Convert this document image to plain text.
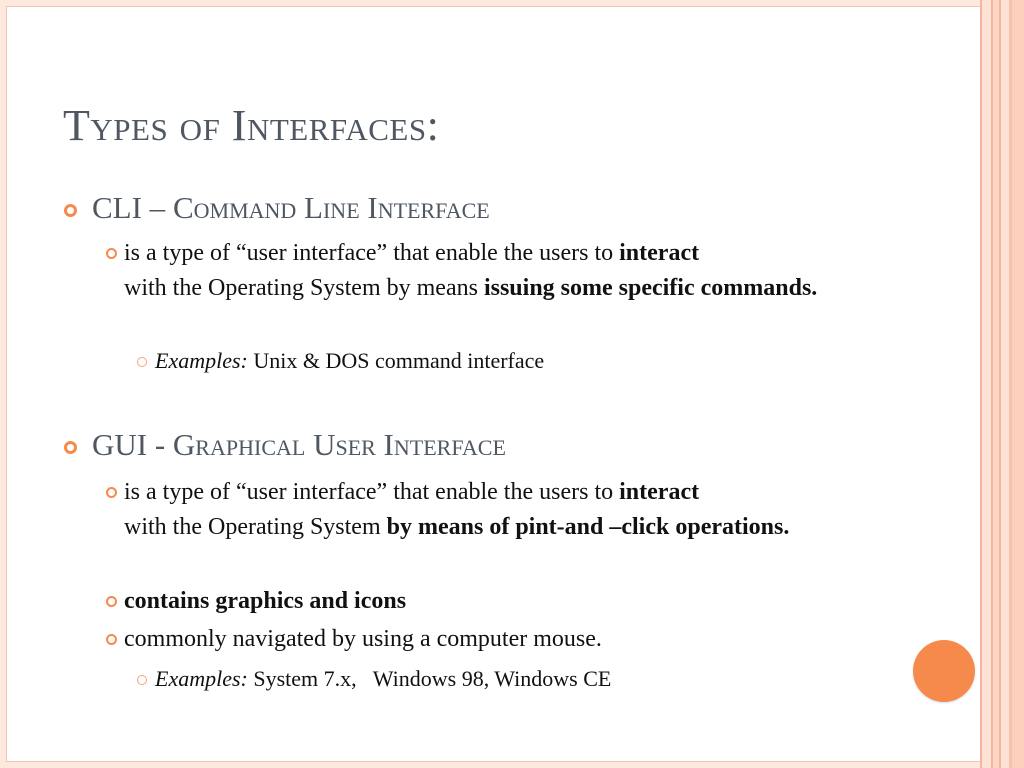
Types of Interfaces:
CLI – Command Line Interface
is a type of “user interface” that enable the users to interact
with the Operating System by means issuing some specific commands.
Examples: Unix & DOS command interface
GUI - Graphical User Interface
is a type of “user interface” that enable the users to interact
with the Operating System by means of pint-and –click operations.
contains graphics and icons
commonly navigated by using a computer mouse.
Examples: System 7.x,   Windows 98, Windows CE
